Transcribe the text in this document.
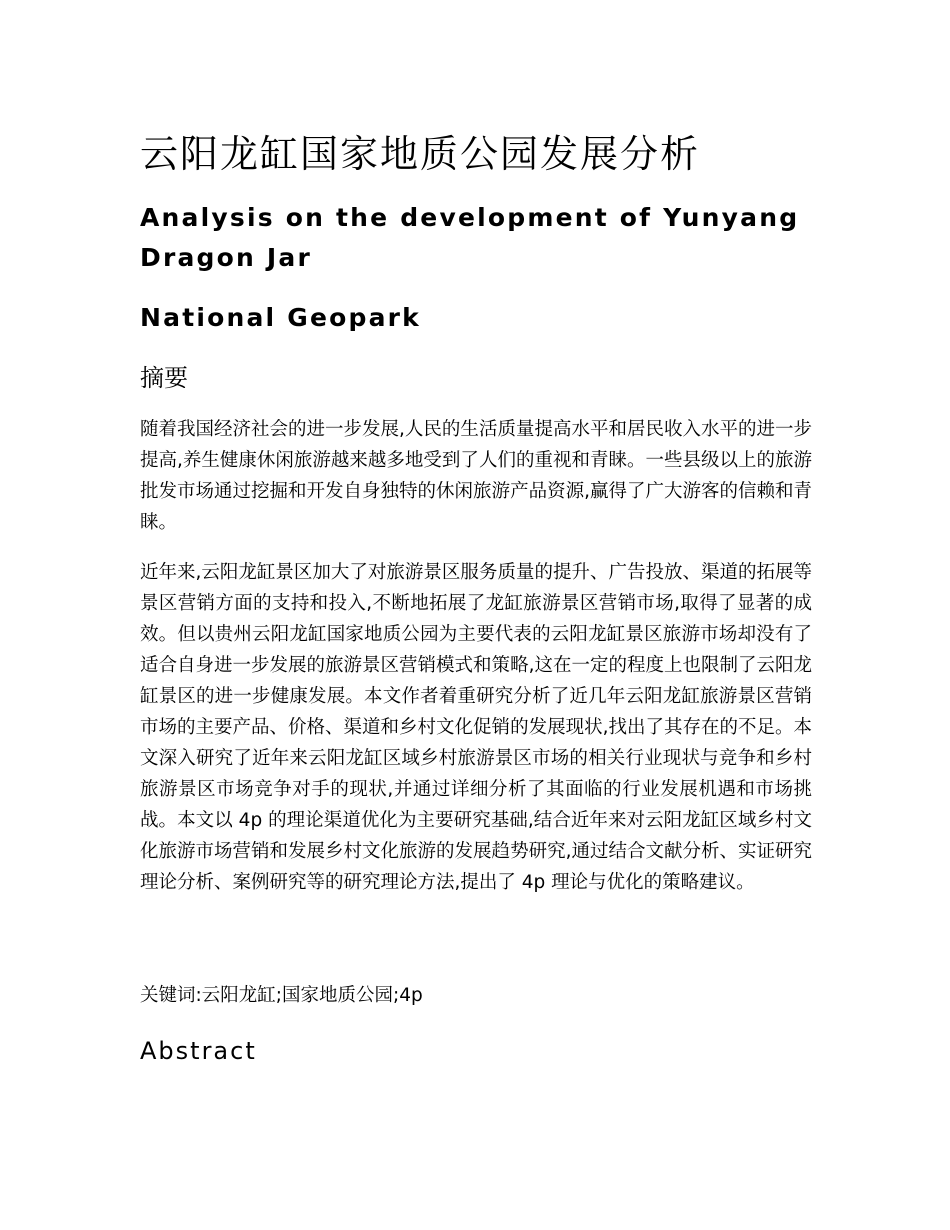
云阳龙缸国家地质公园发展分析
Analysis on the development of Yunyang Dragon Jar
National Geopark
摘要

随着我国经济社会的进一步发展,人民的生活质量提高水平和居民收入水平的进一步提高,养生健康休闲旅游越来越多地受到了人们的重视和青睐。一些县级以上的旅游批发市场通过挖掘和开发自身独特的休闲旅游产品资源,赢得了广大游客的信赖和青睐。

近年来,云阳龙缸景区加大了对旅游景区服务质量的提升、广告投放、渠道的拓展等景区营销方面的支持和投入,不断地拓展了龙缸旅游景区营销市场,取得了显著的成效。但以贵州云阳龙缸国家地质公园为主要代表的云阳龙缸景区旅游市场却没有了适合自身进一步发展的旅游景区营销模式和策略,这在一定的程度上也限制了云阳龙缸景区的进一步健康发展。本文作者着重研究分析了近几年云阳龙缸旅游景区营销市场的主要产品、价格、渠道和乡村文化促销的发展现状,找出了其存在的不足。本文深入研究了近年来云阳龙缸区域乡村旅游景区市场的相关行业现状与竞争和乡村旅游景区市场竞争对手的现状,并通过详细分析了其面临的行业发展机遇和市场挑战。本文以 4p 的理论渠道优化为主要研究基础,结合近年来对云阳龙缸区域乡村文化旅游市场营销和发展乡村文化旅游的发展趋势研究,通过结合文献分析、实证研究理论分析、案例研究等的研究理论方法,提出了 4p 理论与优化的策略建议。

关键词:云阳龙缸;国家地质公园;4p

Abstract
